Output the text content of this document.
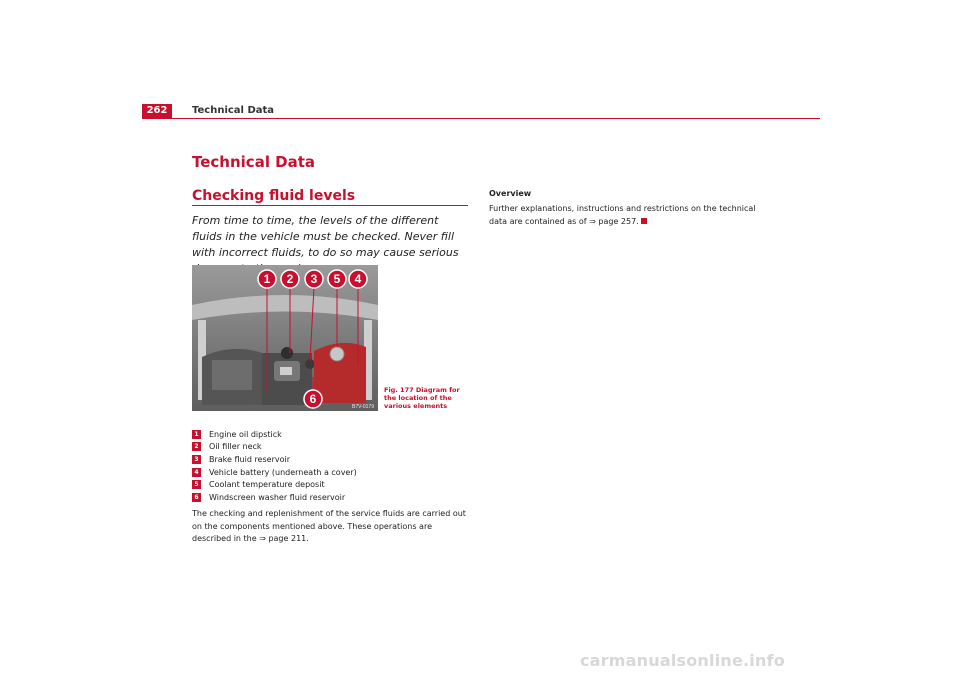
262	Technical Data
Technical Data
Checking fluid levels
From time to time, the levels of the different fluids in the vehicle must be checked. Never fill with incorrect fluids, to do so may cause serious
1 2 3 5 4
6
B7V-0179
Fig. 177 Diagram for the location of the various elements
1	Engine oil dipstick
2	Oil filler neck
3	Brake fluid reservoir
4	Vehicle battery (underneath a cover)
5	Coolant temperature deposit
6	Windscreen washer fluid reservoir
The checking and replenishment of the service fluids are carried out on the components mentioned above. These operations are described in the ⇒ page 211.
Overview
Further explanations, instructions and restrictions on the technical data are contained as of ⇒ page 257.
carmanualsonline.info
